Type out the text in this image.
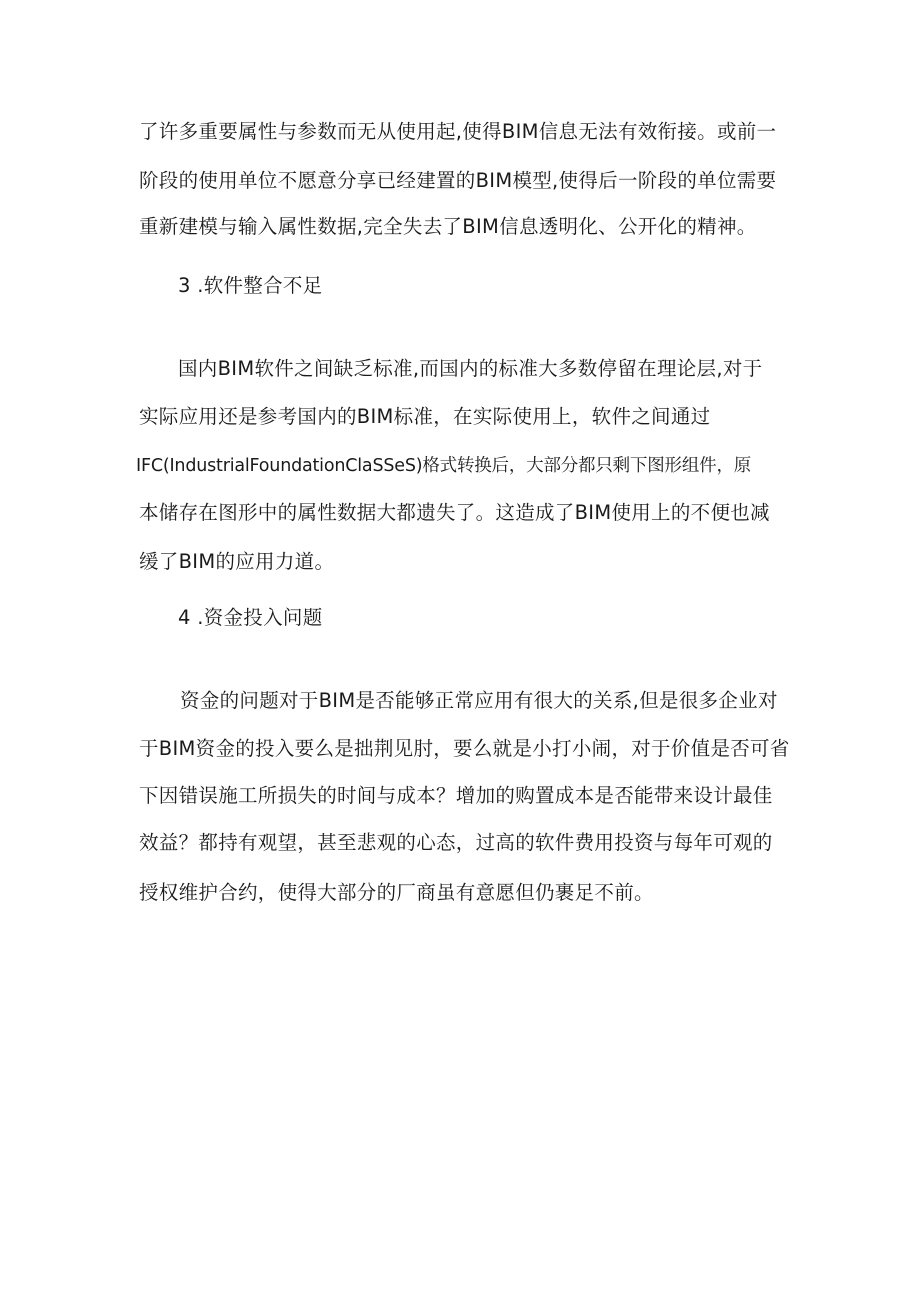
了许多重要属性与参数而无从使用起,使得BIM信息无法有效衔接。或前一
阶段的使用单位不愿意分享已经建置的BIM模型,使得后一阶段的单位需要
重新建模与输入属性数据,完全失去了BIM信息透明化、公开化的精神。
3 .软件整合不足
国内BIM软件之间缺乏标准,而国内的标准大多数停留在理论层,对于
实际应用还是参考国内的BIM标准，在实际使用上，软件之间通过
IFC(IndustrialFoundationClaSSeS)格式转换后，大部分都只剩下图形组件，原
本储存在图形中的属性数据大都遗失了。这造成了BIM使用上的不便也减
缓了BIM的应用力道。
4 .资金投入问题
资金的问题对于BIM是否能够正常应用有很大的关系,但是很多企业对
于BIM资金的投入要么是拙荆见肘，要么就是小打小闹，对于价值是否可省
下因错误施工所损失的时间与成本？增加的购置成本是否能带来设计最佳
效益？都持有观望，甚至悲观的心态，过高的软件费用投资与每年可观的
授权维护合约，使得大部分的厂商虽有意愿但仍裹足不前。
